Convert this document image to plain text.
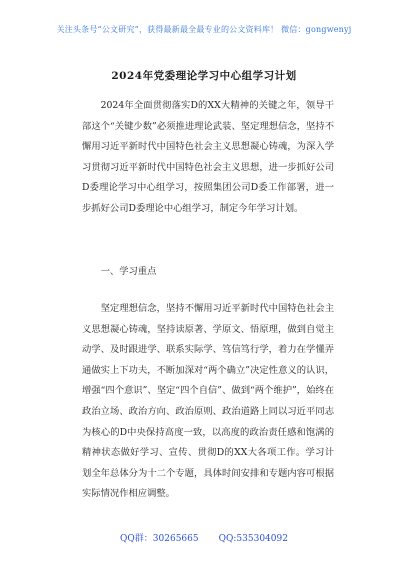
关注头条号“公文研究”，获得最新最全最专业的公文资料库！ 微信：gongwenyj
2024年党委理论学习中心组学习计划

2024年全面贯彻落实D的XX大精神的关键之年，领导干部这个“关键少数”必须推进理论武装、坚定理想信念，坚持不懈用习近平新时代中国特色社会主义思想凝心铸魂，为深入学习贯彻习近平新时代中国特色社会主义思想，进一步抓好公司D委理论学习中心组学习，按照集团公司D委工作部署，进一步抓好公司D委理论中心组学习，制定今年学习计划。

一、学习重点

坚定理想信念，坚持不懈用习近平新时代中国特色社会主义思想凝心铸魂，坚持读原著、学原文、悟原理，做到自觉主动学、及时跟进学、联系实际学、笃信笃行学，着力在学懂弄通做实上下功夫，不断加深对“两个确立”决定性意义的认识，增强“四个意识”、坚定“四个自信”、做到“两个维护”，始终在政治立场、政治方向、政治原则、政治道路上同以习近平同志为核心的D中央保持高度一致，以高度的政治责任感和饱满的精神状态做好学习、宣传、贯彻D的XX大各项工作。学习计划全年总体分为十二个专题，具体时间安排和专题内容可根据实际情况作相应调整。

QQ群：30265665 QQ:535304092
